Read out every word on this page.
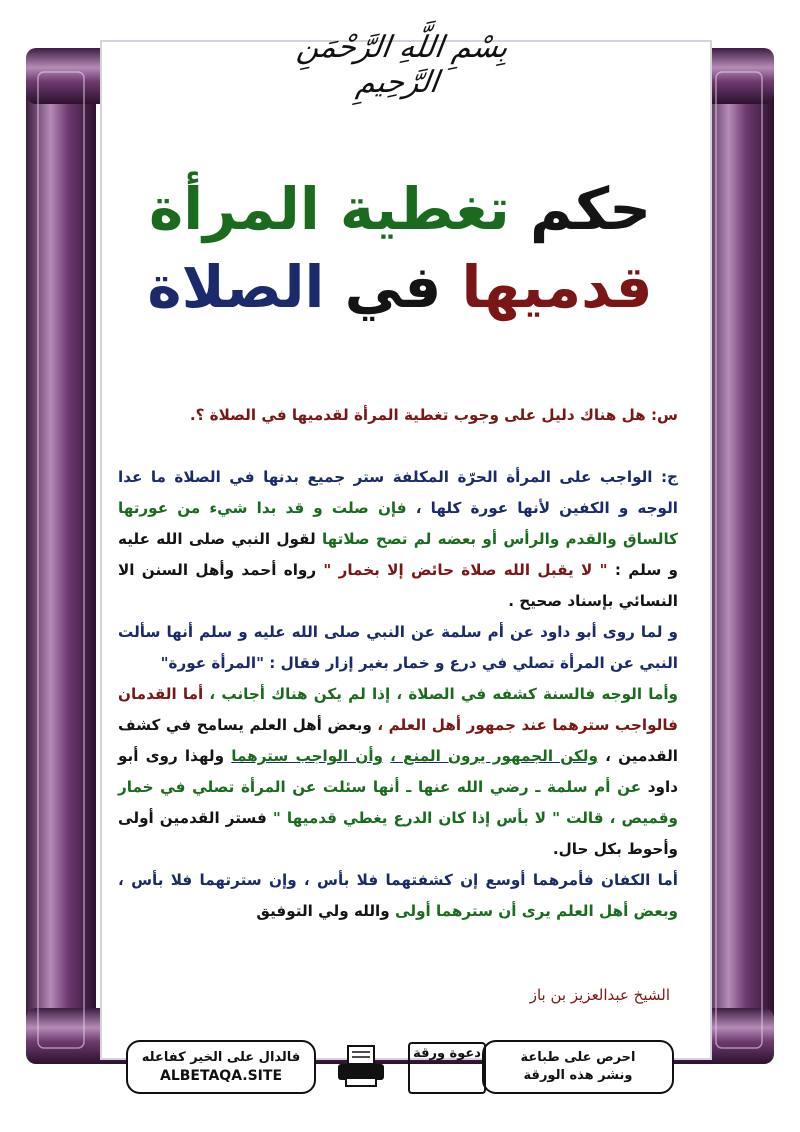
بِسْمِ اللَّهِ الرَّحْمَنِ الرَّحِيمِ
حكم تغطية المرأة
قدميها في الصلاة

س: هل هناك دليل على وجوب تغطية المرأة لقدميها في الصلاة ؟.

ج: الواجب على المرأة الحرّة المكلفة ستر جميع بدنها في الصلاة ما عدا الوجه و الكفين لأنها عورة كلها ، فإن صلت و قد بدا شيء من عورتها كالساق والقدم والرأس أو بعضه لم تصح صلاتها لقول النبي صلى الله عليه و سلم : " لا يقبل الله صلاة حائض إلا بخمار " رواه أحمد وأهل السنن الا النسائي بإسناد صحيح .

و لما روى أبو داود عن أم سلمة عن النبي صلى الله عليه و سلم أنها سألت النبي عن المرأة تصلي في درع و خمار بغير إزار فقال : "المرأة عورة"

وأما الوجه فالسنة كشفه في الصلاة ، إذا لم يكن هناك أجانب ، أما القدمان فالواجب سترهما عند جمهور أهل العلم ، وبعض أهل العلم يسامح في كشف القدمين ، ولكن الجمهور يرون المنع ، وأن الواجب سترهما ولهذا روى أبو داود عن أم سلمة ـ رضي الله عنها ـ أنها سئلت عن المرأة تصلي في خمار وقميص ، قالت " لا بأس إذا كان الدرع يغطي قدميها " فستر القدمين أولى وأحوط بكل حال.

أما الكفان فأمرهما أوسع إن كشفتهما فلا بأس ، وإن سترتهما فلا بأس ، وبعض أهل العلم يرى أن سترهما أولى والله ولي التوفيق

الشيخ عبدالعزيز بن باز
احرص على طباعة
ونشر هذه الورقة
دعوة ورقة
فالدال على الخير كفاعله
ALBETAQA.SITE
